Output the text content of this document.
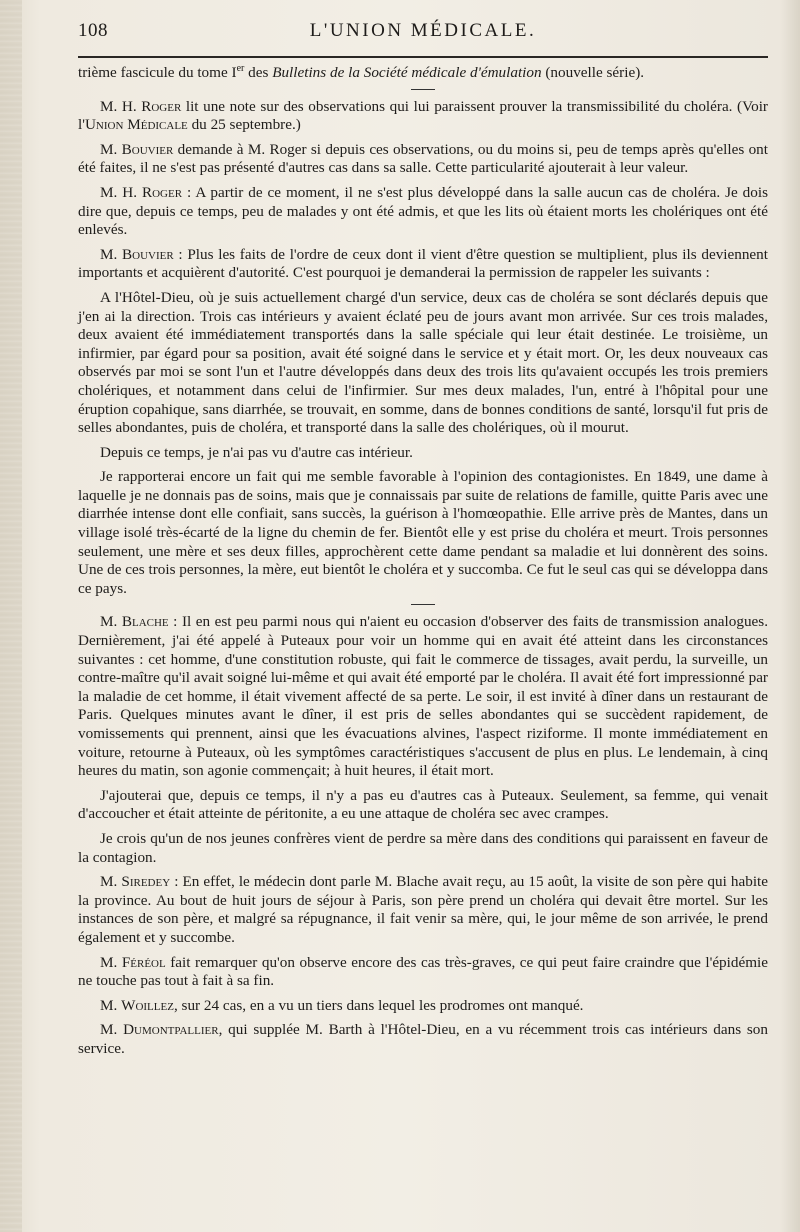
108	L'UNION MÉDICALE.

trième fascicule du tome Ier des Bulletins de la Société médicale d'émulation (nouvelle série).

M. H. Roger lit une note sur des observations qui lui paraissent prouver la transmissibilité du choléra. (Voir l'Union Médicale du 25 septembre.)

M. Bouvier demande à M. Roger si depuis ces observations, ou du moins si, peu de temps après qu'elles ont été faites, il ne s'est pas présenté d'autres cas dans sa salle. Cette particularité ajouterait à leur valeur.

M. H. Roger : A partir de ce moment, il ne s'est plus développé dans la salle aucun cas de choléra. Je dois dire que, depuis ce temps, peu de malades y ont été admis, et que les lits où étaient morts les cholériques ont été enlevés.

M. Bouvier : Plus les faits de l'ordre de ceux dont il vient d'être question se multiplient, plus ils deviennent importants et acquièrent d'autorité. C'est pourquoi je demanderai la permission de rappeler les suivants :

A l'Hôtel-Dieu, où je suis actuellement chargé d'un service, deux cas de choléra se sont déclarés depuis que j'en ai la direction. Trois cas intérieurs y avaient éclaté peu de jours avant mon arrivée. Sur ces trois malades, deux avaient été immédiatement transportés dans la salle spéciale qui leur était destinée. Le troisième, un infirmier, par égard pour sa position, avait été soigné dans le service et y était mort. Or, les deux nouveaux cas observés par moi se sont l'un et l'autre développés dans deux des trois lits qu'avaient occupés les trois premiers cholériques, et notamment dans celui de l'infirmier. Sur mes deux malades, l'un, entré à l'hôpital pour une éruption copahique, sans diarrhée, se trouvait, en somme, dans de bonnes conditions de santé, lorsqu'il fut pris de selles abondantes, puis de choléra, et transporté dans la salle des cholériques, où il mourut.

Depuis ce temps, je n'ai pas vu d'autre cas intérieur.

Je rapporterai encore un fait qui me semble favorable à l'opinion des contagionistes. En 1849, une dame à laquelle je ne donnais pas de soins, mais que je connaissais par suite de relations de famille, quitte Paris avec une diarrhée intense dont elle confiait, sans succès, la guérison à l'homœopathie. Elle arrive près de Mantes, dans un village isolé très-écarté de la ligne du chemin de fer. Bientôt elle y est prise du choléra et meurt. Trois personnes seulement, une mère et ses deux filles, approchèrent cette dame pendant sa maladie et lui donnèrent des soins. Une de ces trois personnes, la mère, eut bientôt le choléra et y succomba. Ce fut le seul cas qui se développa dans ce pays.

M. Blache : Il en est peu parmi nous qui n'aient eu occasion d'observer des faits de transmission analogues. Dernièrement, j'ai été appelé à Puteaux pour voir un homme qui en avait été atteint dans les circonstances suivantes : cet homme, d'une constitution robuste, qui fait le commerce de tissages, avait perdu, la surveille, un contre-maître qu'il avait soigné lui-même et qui avait été emporté par le choléra. Il avait été fort impressionné par la maladie de cet homme, il était vivement affecté de sa perte. Le soir, il est invité à dîner dans un restaurant de Paris. Quelques minutes avant le dîner, il est pris de selles abondantes qui se succèdent rapidement, de vomissements qui prennent, ainsi que les évacuations alvines, l'aspect riziforme. Il monte immédiatement en voiture, retourne à Puteaux, où les symptômes caractéristiques s'accusent de plus en plus. Le lendemain, à cinq heures du matin, son agonie commençait; à huit heures, il était mort.

J'ajouterai que, depuis ce temps, il n'y a pas eu d'autres cas à Puteaux. Seulement, sa femme, qui venait d'accoucher et était atteinte de péritonite, a eu une attaque de choléra sec avec crampes.

Je crois qu'un de nos jeunes confrères vient de perdre sa mère dans des conditions qui paraissent en faveur de la contagion.

M. Siredey : En effet, le médecin dont parle M. Blache avait reçu, au 15 août, la visite de son père qui habite la province. Au bout de huit jours de séjour à Paris, son père prend un choléra qui devait être mortel. Sur les instances de son père, et malgré sa répugnance, il fait venir sa mère, qui, le jour même de son arrivée, le prend également et y succombe.

M. Féréol fait remarquer qu'on observe encore des cas très-graves, ce qui peut faire craindre que l'épidémie ne touche pas tout à fait à sa fin.

M. Woillez, sur 24 cas, en a vu un tiers dans lequel les prodromes ont manqué.

M. Dumontpallier, qui supplée M. Barth à l'Hôtel-Dieu, en a vu récemment trois cas intérieurs dans son service.
